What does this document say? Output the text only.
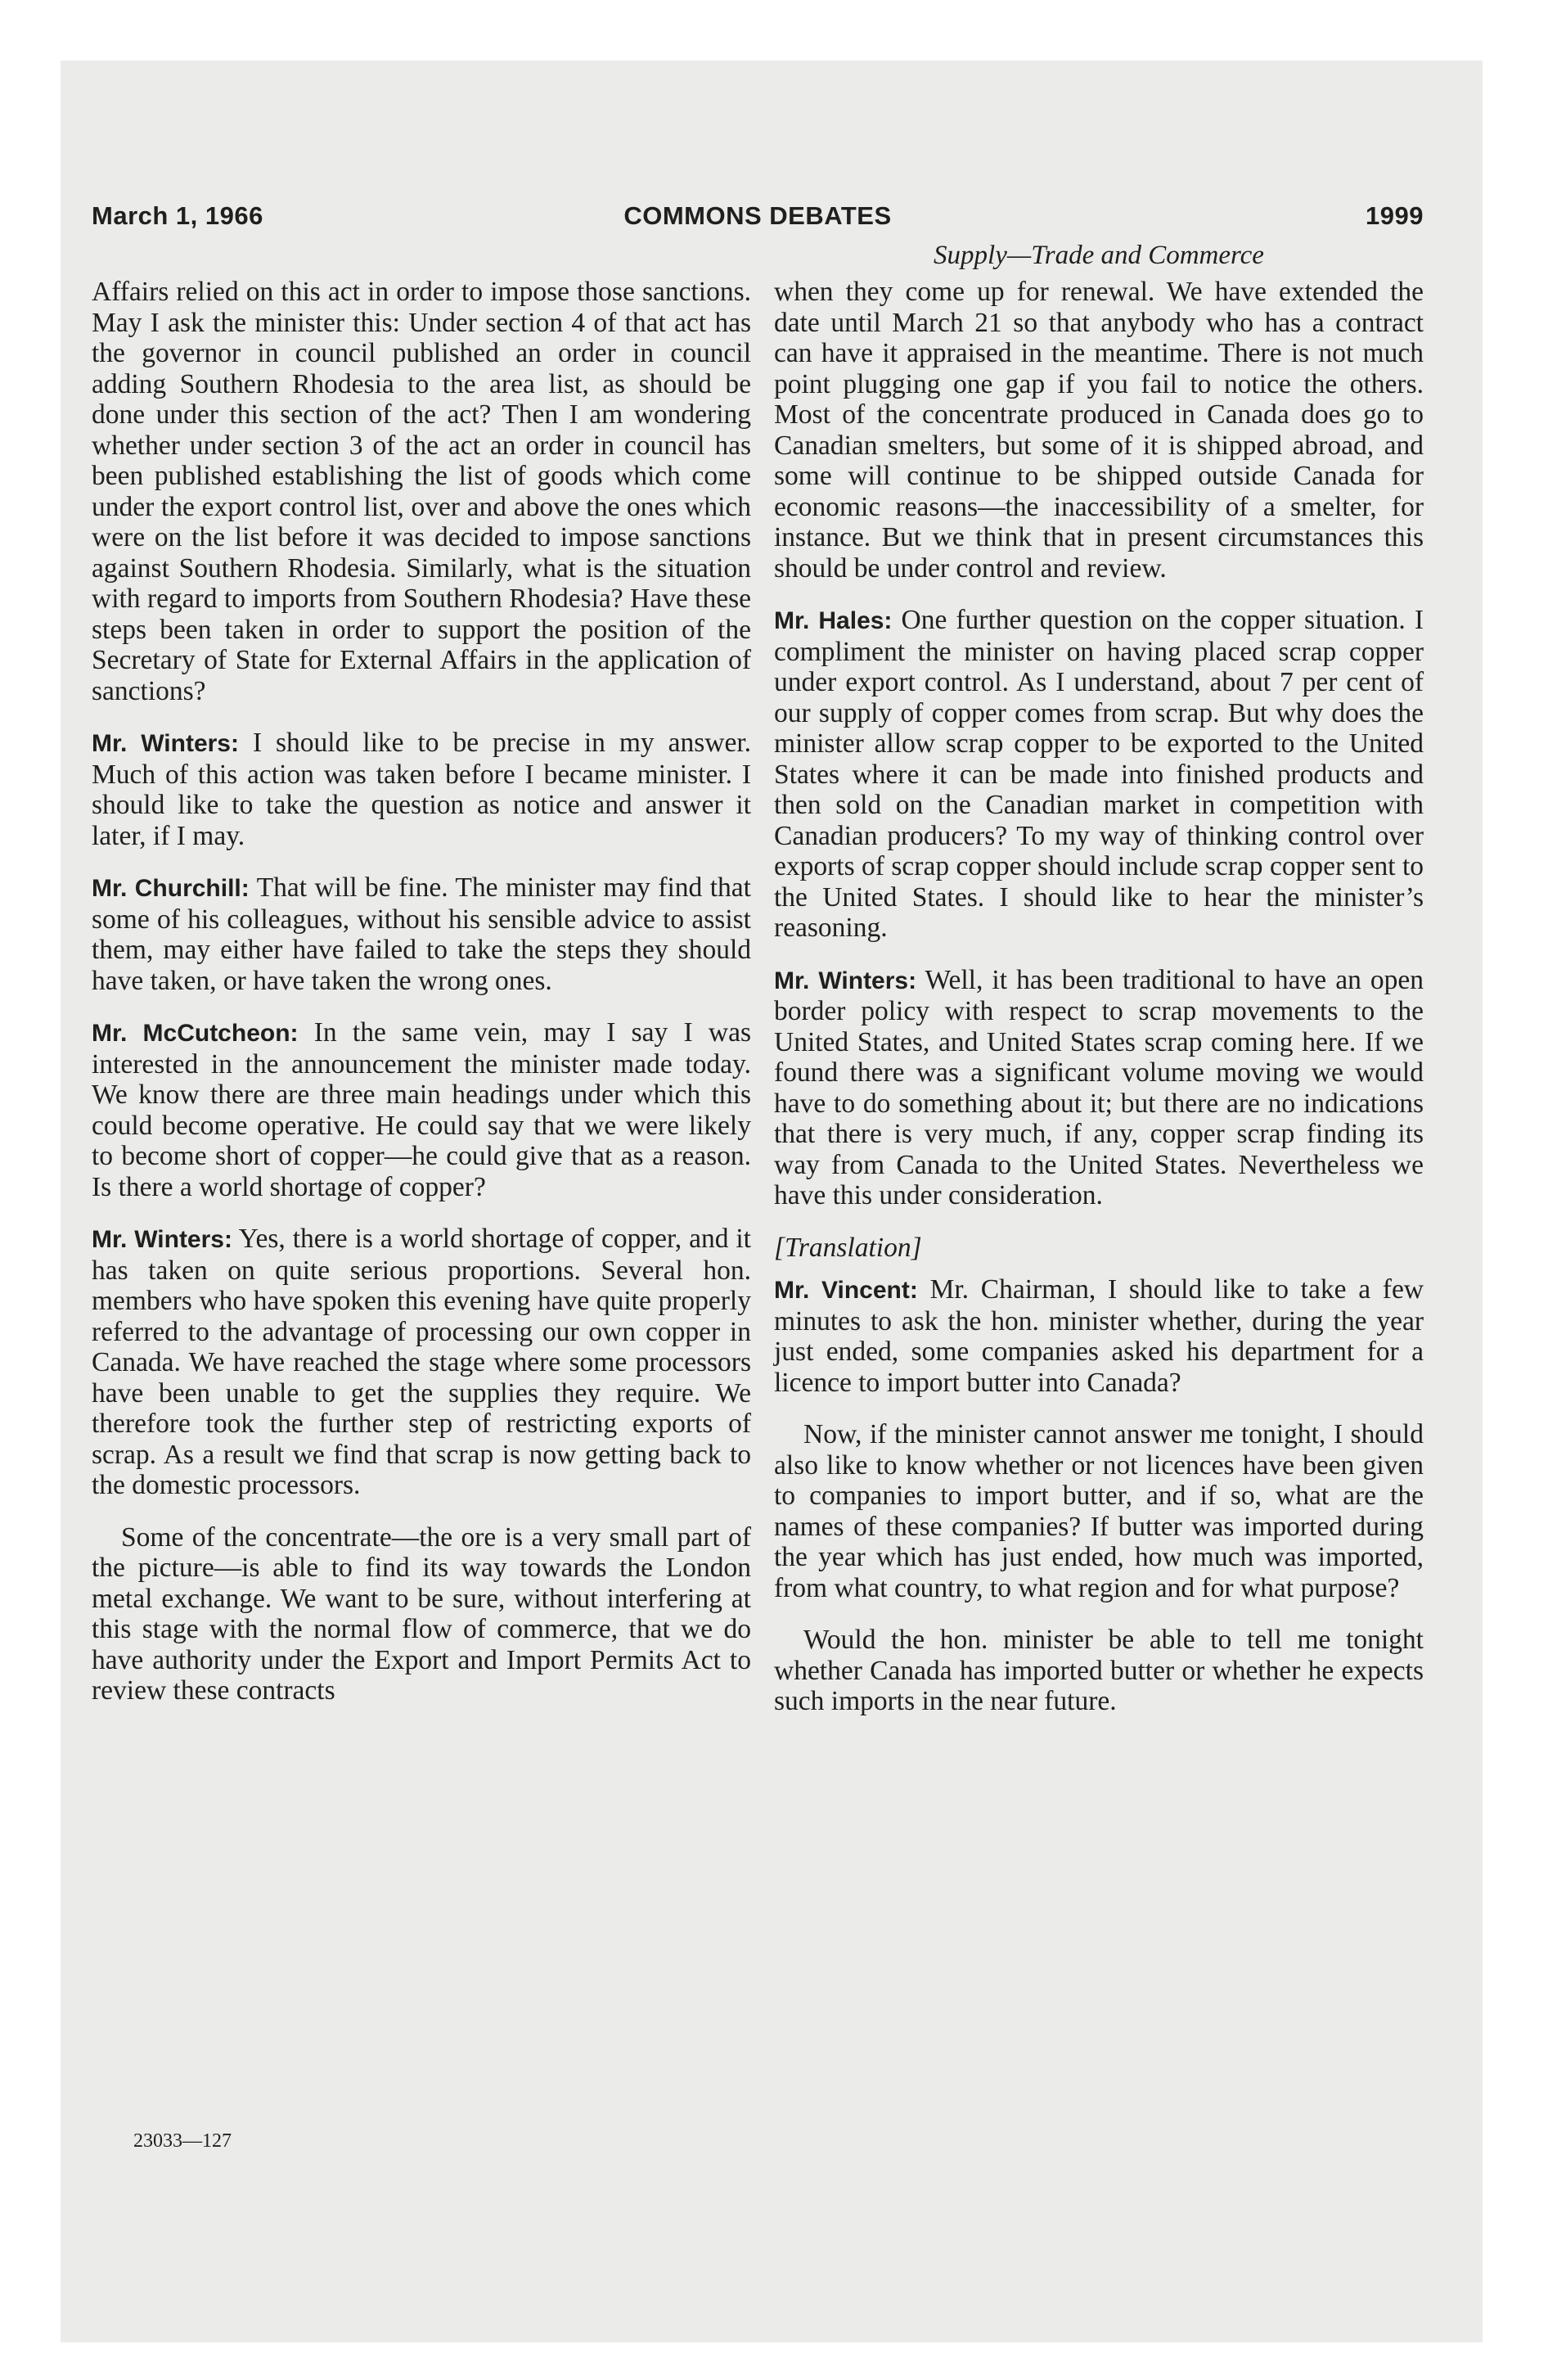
March 1, 1966	COMMONS DEBATES	1999
Supply—Trade and Commerce

Affairs relied on this act in order to impose those sanctions. May I ask the minister this: Under section 4 of that act has the governor in council published an order in council adding Southern Rhodesia to the area list, as should be done under this section of the act? Then I am wondering whether under section 3 of the act an order in council has been published establishing the list of goods which come under the export control list, over and above the ones which were on the list before it was decided to impose sanctions against Southern Rhodesia. Similarly, what is the situation with regard to imports from Southern Rhodesia? Have these steps been taken in order to support the position of the Secretary of State for External Affairs in the application of sanctions?

Mr. Winters: I should like to be precise in my answer. Much of this action was taken before I became minister. I should like to take the question as notice and answer it later, if I may.

Mr. Churchill: That will be fine. The minister may find that some of his colleagues, without his sensible advice to assist them, may either have failed to take the steps they should have taken, or have taken the wrong ones.

Mr. McCutcheon: In the same vein, may I say I was interested in the announcement the minister made today. We know there are three main headings under which this could become operative. He could say that we were likely to become short of copper—he could give that as a reason. Is there a world shortage of copper?

Mr. Winters: Yes, there is a world shortage of copper, and it has taken on quite serious proportions. Several hon. members who have spoken this evening have quite properly referred to the advantage of processing our own copper in Canada. We have reached the stage where some processors have been unable to get the supplies they require. We therefore took the further step of restricting exports of scrap. As a result we find that scrap is now getting back to the domestic processors.

Some of the concentrate—the ore is a very small part of the picture—is able to find its way towards the London metal exchange. We want to be sure, without interfering at this stage with the normal flow of commerce, that we do have authority under the Export and Import Permits Act to review these contracts

when they come up for renewal. We have extended the date until March 21 so that anybody who has a contract can have it appraised in the meantime. There is not much point plugging one gap if you fail to notice the others. Most of the concentrate produced in Canada does go to Canadian smelters, but some of it is shipped abroad, and some will continue to be shipped outside Canada for economic reasons—the inaccessibility of a smelter, for instance. But we think that in present circumstances this should be under control and review.

Mr. Hales: One further question on the copper situation. I compliment the minister on having placed scrap copper under export control. As I understand, about 7 per cent of our supply of copper comes from scrap. But why does the minister allow scrap copper to be exported to the United States where it can be made into finished products and then sold on the Canadian market in competition with Canadian producers? To my way of thinking control over exports of scrap copper should include scrap copper sent to the United States. I should like to hear the minister’s reasoning.

Mr. Winters: Well, it has been traditional to have an open border policy with respect to scrap movements to the United States, and United States scrap coming here. If we found there was a significant volume moving we would have to do something about it; but there are no indications that there is very much, if any, copper scrap finding its way from Canada to the United States. Nevertheless we have this under consideration.

[Translation]

Mr. Vincent: Mr. Chairman, I should like to take a few minutes to ask the hon. minister whether, during the year just ended, some companies asked his department for a licence to import butter into Canada?

Now, if the minister cannot answer me tonight, I should also like to know whether or not licences have been given to companies to import butter, and if so, what are the names of these companies? If butter was imported during the year which has just ended, how much was imported, from what country, to what region and for what purpose?

Would the hon. minister be able to tell me tonight whether Canada has imported butter or whether he expects such imports in the near future.

23033—127
